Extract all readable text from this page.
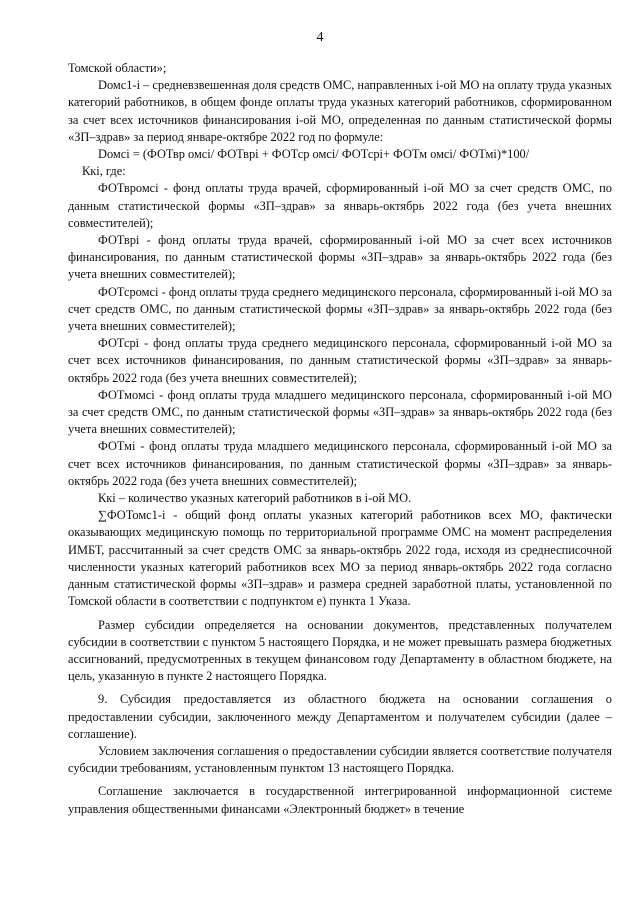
4

Томской области»;

Dомс1-i – средневзвешенная доля средств ОМС, направленных i-ой МО на оплату труда указных категорий работников, в общем фонде оплаты труда указных категорий работников, сформированном за счет всех источников финансирования i-ой МО, определенная по данным статистической формы «ЗП–здрав» за период январе-октябре 2022 год по формуле:

Dомсi = (ФОТвр омсi/ ФОТврi + ФОТср омсi/ ФОТсрi+ ФОТм омсi/ ФОТмi)*100/

Ккi, где:

ФОТвромсi - фонд оплаты труда врачей, сформированный i-ой МО за счет средств ОМС, по данным статистической формы «ЗП–здрав» за январь-октябрь 2022 года (без учета внешних совместителей);

ФОТврi - фонд оплаты труда врачей, сформированный i-ой МО за счет всех источников финансирования, по данным статистической формы «ЗП–здрав» за январь-октябрь 2022 года (без учета внешних совместителей);

ФОТсромсi - фонд оплаты труда среднего медицинского персонала, сформированный i-ой МО за счет средств ОМС, по данным статистической формы «ЗП–здрав» за январь-октябрь 2022 года (без учета внешних совместителей);

ФОТсрi - фонд оплаты труда среднего медицинского персонала, сформированный i-ой МО за счет всех источников финансирования, по данным статистической формы «ЗП–здрав» за январь-октябрь 2022 года (без учета внешних совместителей);

ФОТмомсi - фонд оплаты труда младшего медицинского персонала, сформированный i-ой МО за счет средств ОМС, по данным статистической формы «ЗП–здрав» за январь-октябрь 2022 года (без учета внешних совместителей);

ФОТмi - фонд оплаты труда младшего медицинского персонала, сформированный i-ой МО за счет всех источников финансирования, по данным статистической формы «ЗП–здрав» за январь-октябрь 2022 года (без учета внешних совместителей);

Ккi – количество указных категорий работников в i-ой МО.

∑ФОТомс1-i - общий фонд оплаты указных категорий работников всех МО, фактически оказывающих медицинскую помощь по территориальной программе ОМС на момент распределения ИМБТ, рассчитанный за счет средств ОМС за январь-октябрь 2022 года, исходя из среднесписочной численности указных категорий работников всех МО за период январь-октябрь 2022 года согласно данным статистической формы «ЗП–здрав» и размера средней заработной платы, установленной по Томской области в соответствии с подпунктом е) пункта 1 Указа.

Размер субсидии определяется на основании документов, представленных получателем субсидии в соответствии с пунктом 5 настоящего Порядка, и не может превышать размера бюджетных ассигнований, предусмотренных в текущем финансовом году Департаменту в областном бюджете, на цель, указанную в пункте 2 настоящего Порядка.

9. Субсидия предоставляется из областного бюджета на основании соглашения о предоставлении субсидии, заключенного между Департаментом и получателем субсидии (далее – соглашение).

Условием заключения соглашения о предоставлении субсидии является соответствие получателя субсидии требованиям, установленным пунктом 13 настоящего Порядка.

Соглашение заключается в государственной интегрированной информационной системе управления общественными финансами «Электронный бюджет» в течение
